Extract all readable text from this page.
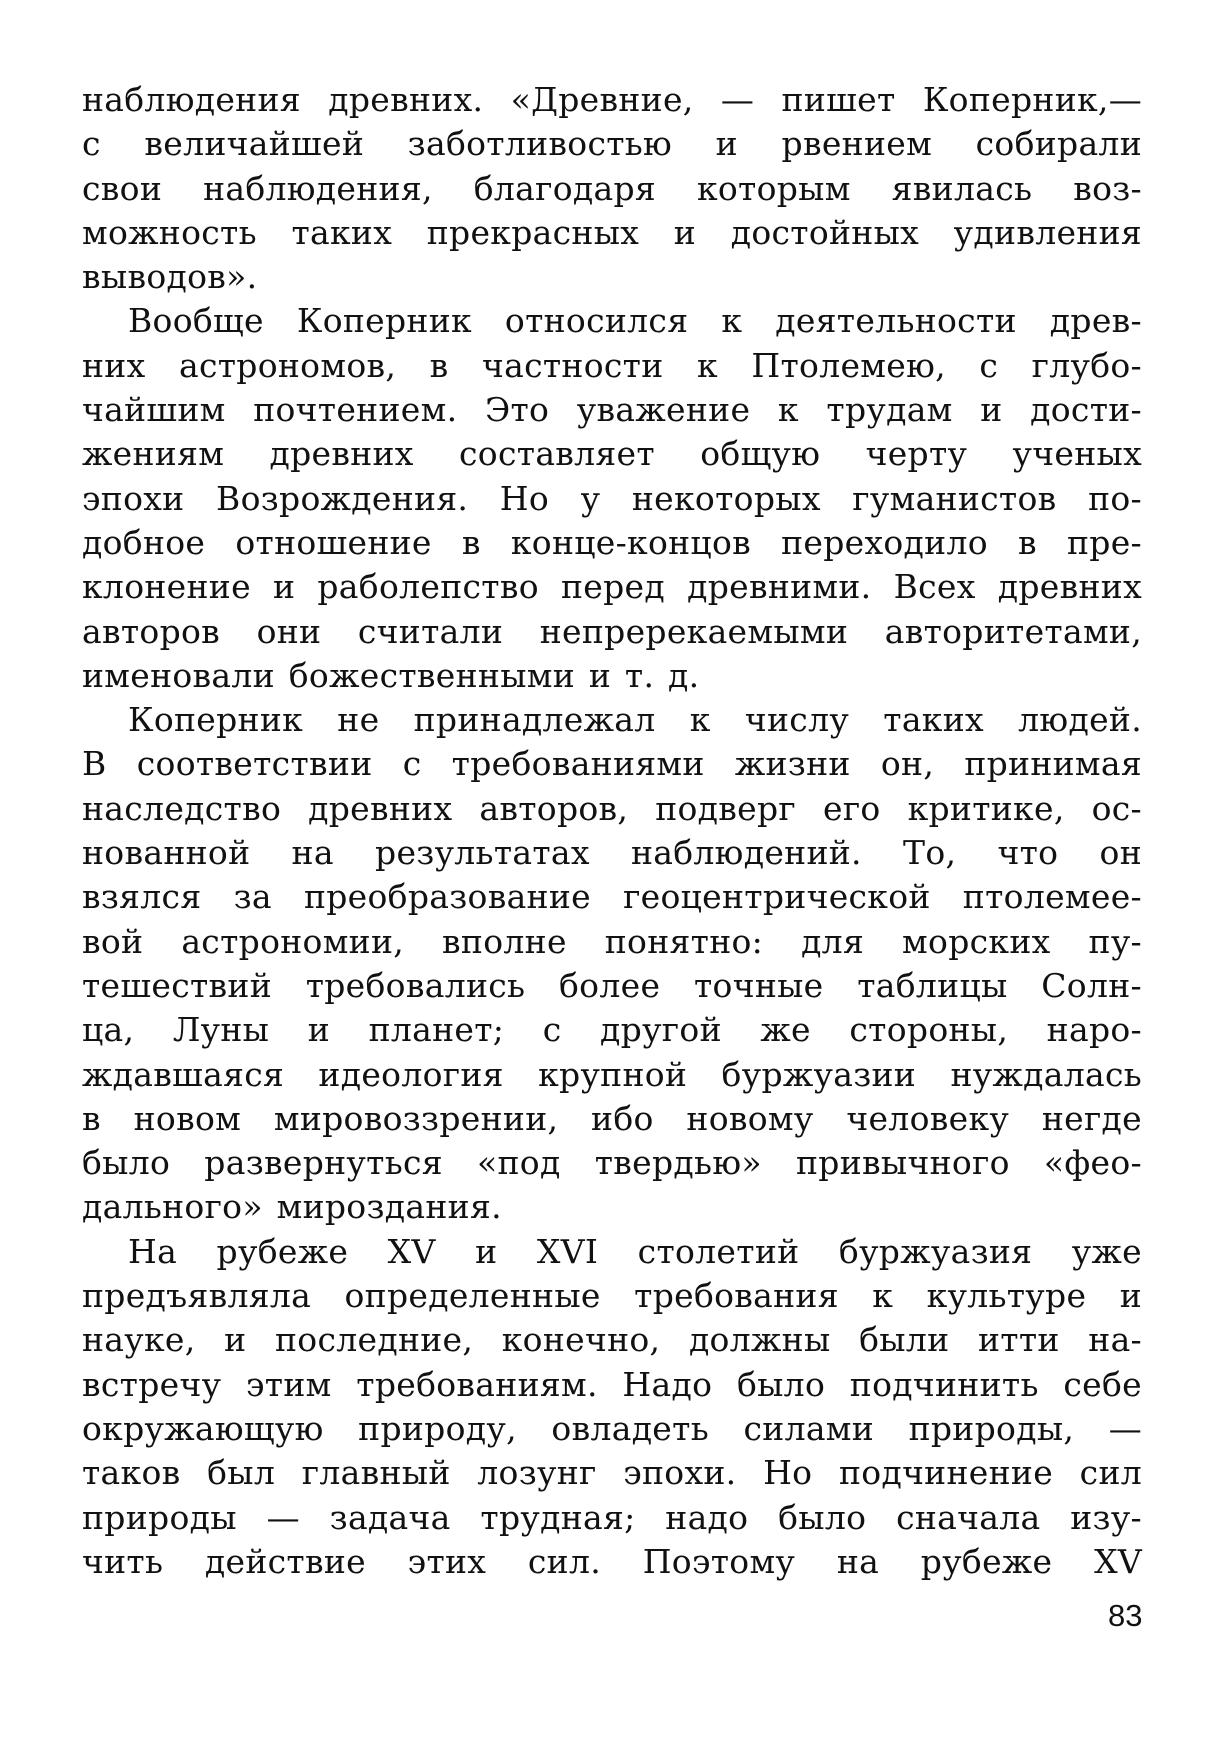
наблюдения древних. «Древние, — пишет Коперник,—
с величайшей заботливостью и рвением собирали
свои наблюдения, благодаря которым явилась воз-
можность таких прекрасных и достойных удивления
выводов».
Вообще Коперник относился к деятельности древ-
них астрономов, в частности к Птолемею, с глубо-
чайшим почтением. Это уважение к трудам и дости-
жениям древних составляет общую черту ученых
эпохи Возрождения. Но у некоторых гуманистов по-
добное отношение в конце-концов переходило в пре-
клонение и раболепство перед древними. Всех древних
авторов они считали непререкаемыми авторитетами,
именовали божественными и т. д.
Коперник не принадлежал к числу таких людей.
В соответствии с требованиями жизни он, принимая
наследство древних авторов, подверг его критике, ос-
нованной на результатах наблюдений. То, что он
взялся за преобразование геоцентрической птолемее-
вой астрономии, вполне понятно: для морских пу-
тешествий требовались более точные таблицы Солн-
ца, Луны и планет; с другой же стороны, наро-
ждавшаяся идеология крупной буржуазии нуждалась
в новом мировоззрении, ибо новому человеку негде
было развернуться «под твердью» привычного «фео-
дального» мироздания.
На рубеже XV и XVI столетий буржуазия уже
предъявляла определенные требования к культуре и
науке, и последние, конечно, должны были итти на-
встречу этим требованиям. Надо было подчинить себе
окружающую природу, овладеть силами природы, —
таков был главный лозунг эпохи. Но подчинение сил
природы — задача трудная; надо было сначала изу-
чить действие этих сил. Поэтому на рубеже XV
83
